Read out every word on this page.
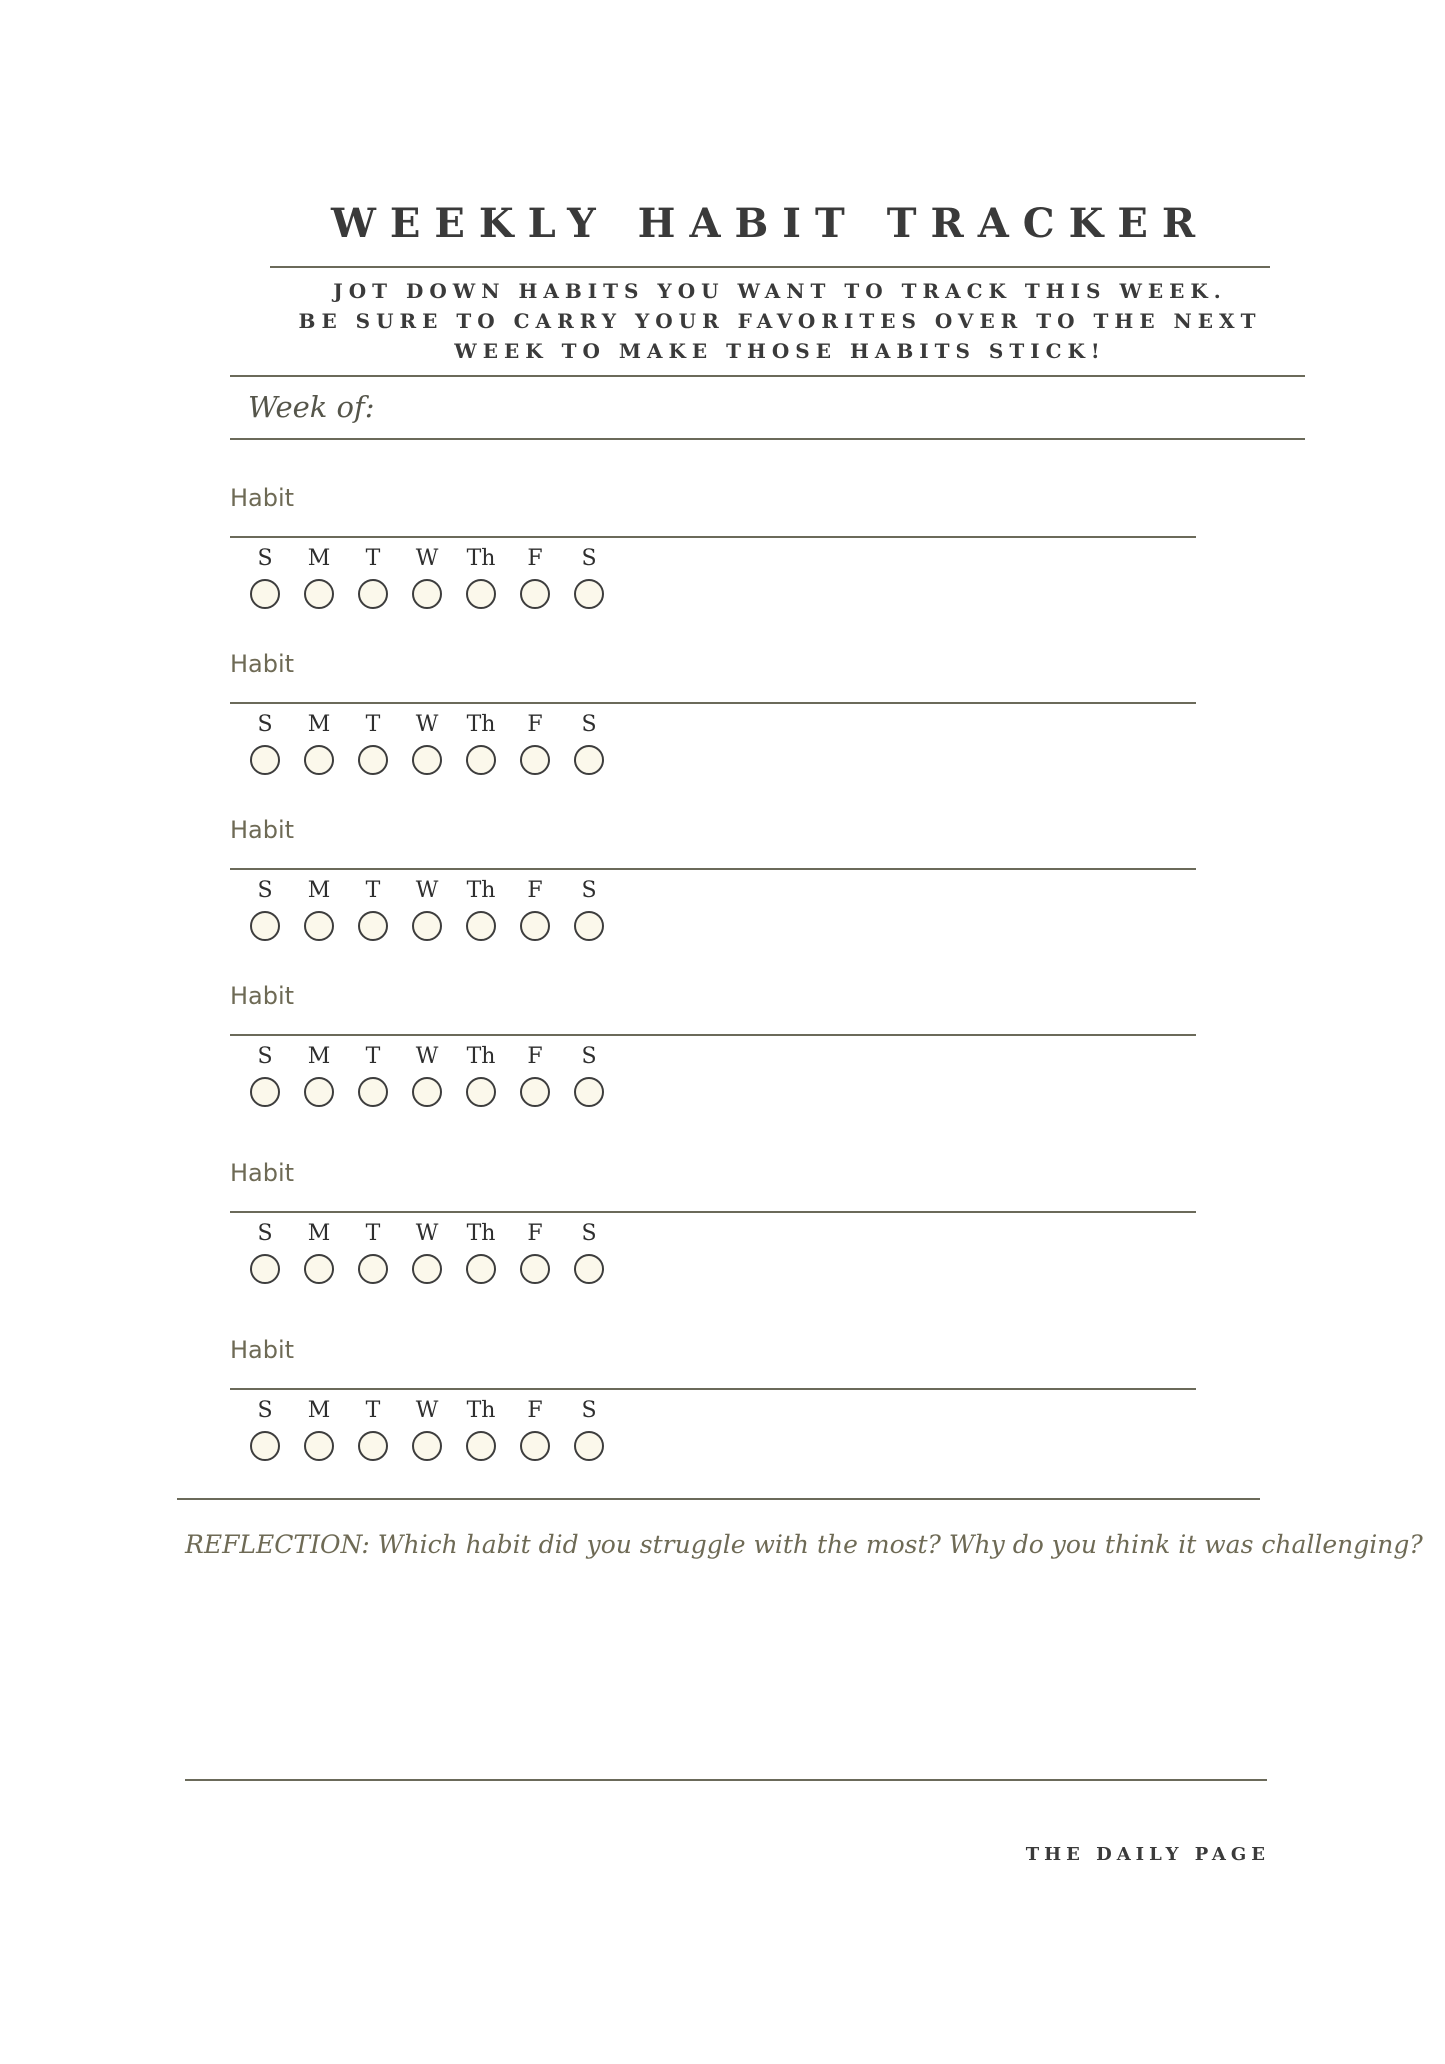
WEEKLY HABIT TRACKER
JOT DOWN HABITS YOU WANT TO TRACK THIS WEEK.
BE SURE TO CARRY YOUR FAVORITES OVER TO THE NEXT
WEEK TO MAKE THOSE HABITS STICK!
Week of:
Habit
S M T W Th F S
Habit
S M T W Th F S
Habit
S M T W Th F S
Habit
S M T W Th F S
Habit
S M T W Th F S
Habit
S M T W Th F S
REFLECTION: Which habit did you struggle with the most? Why do you think it was challenging?
THE DAILY PAGE
